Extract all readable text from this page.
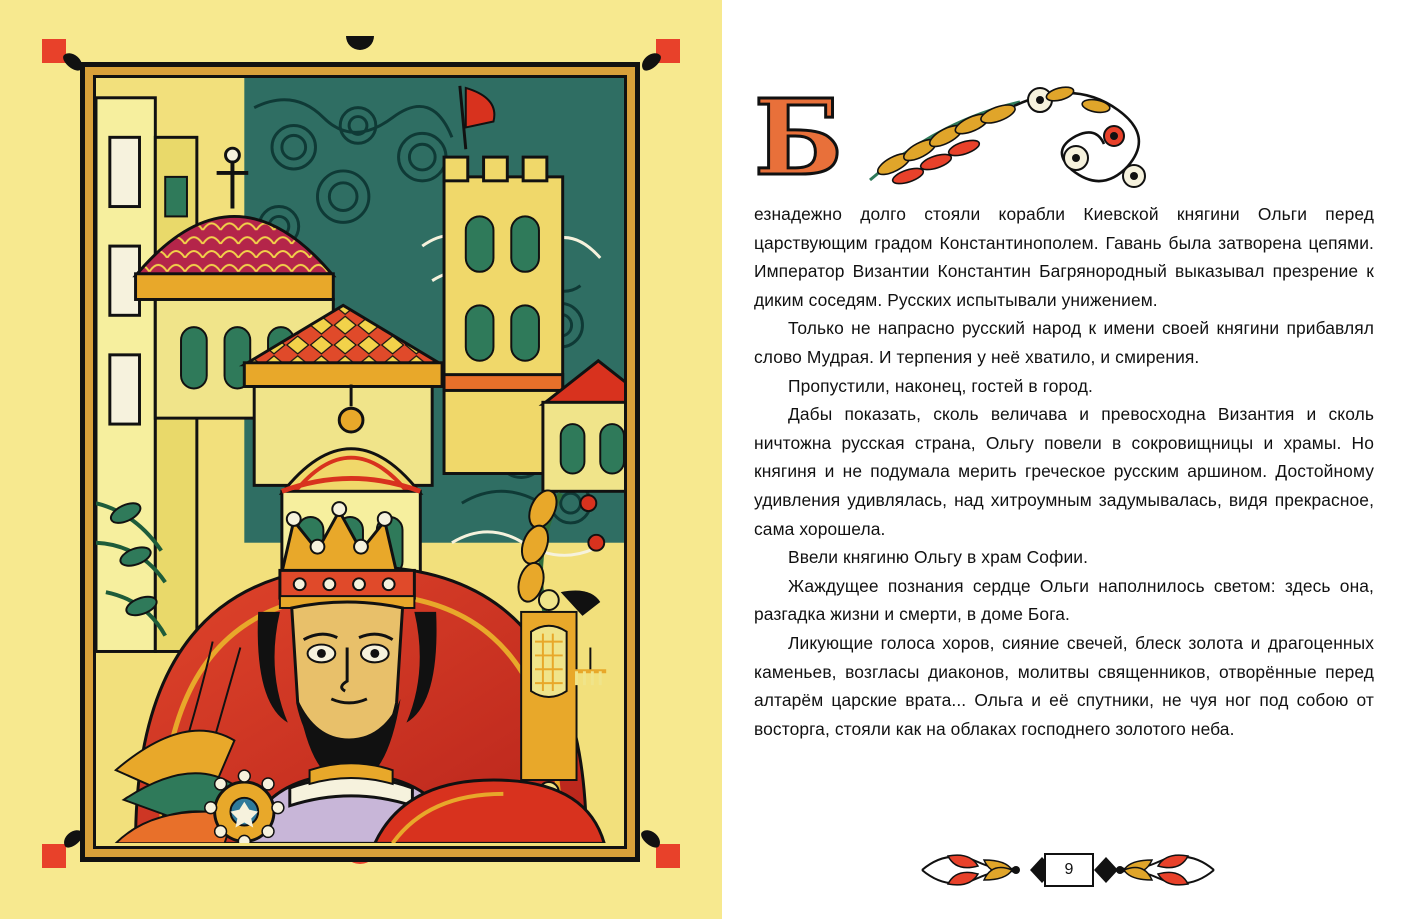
Б

езнадежно долго стояли корабли Киевской княгини Ольги перед царствующим градом Константинополем. Гавань была затворена цепями. Император Византии Константин Багрянородный выказывал презрение к диким соседям. Русских испытывали унижением.

Только не напрасно русский народ к имени своей княгини прибавлял слово Мудрая. И терпения у неё хватило, и смирения.

Пропустили, наконец, гостей в город.

Дабы показать, сколь величава и превосходна Византия и сколь ничтожна русская страна, Ольгу повели в сокровищницы и храмы. Но княгиня и не подумала мерить греческое русским аршином. Достойному удивления удивлялась, над хитроумным задумывалась, видя прекрасное, сама хорошела.

Ввели княгиню Ольгу в храм Софии.

Жаждущее познания сердце Ольги наполнилось светом: здесь она, разгадка жизни и смерти, в доме Бога.

Ликующие голоса хоров, сияние свечей, блеск золота и драгоценных каменьев, возгласы диаконов, молитвы священников, отворённые перед алтарём царские врата... Ольга и её спутники, не чуя ног под собою от восторга, стояли как на облаках господнего золотого неба.

9
